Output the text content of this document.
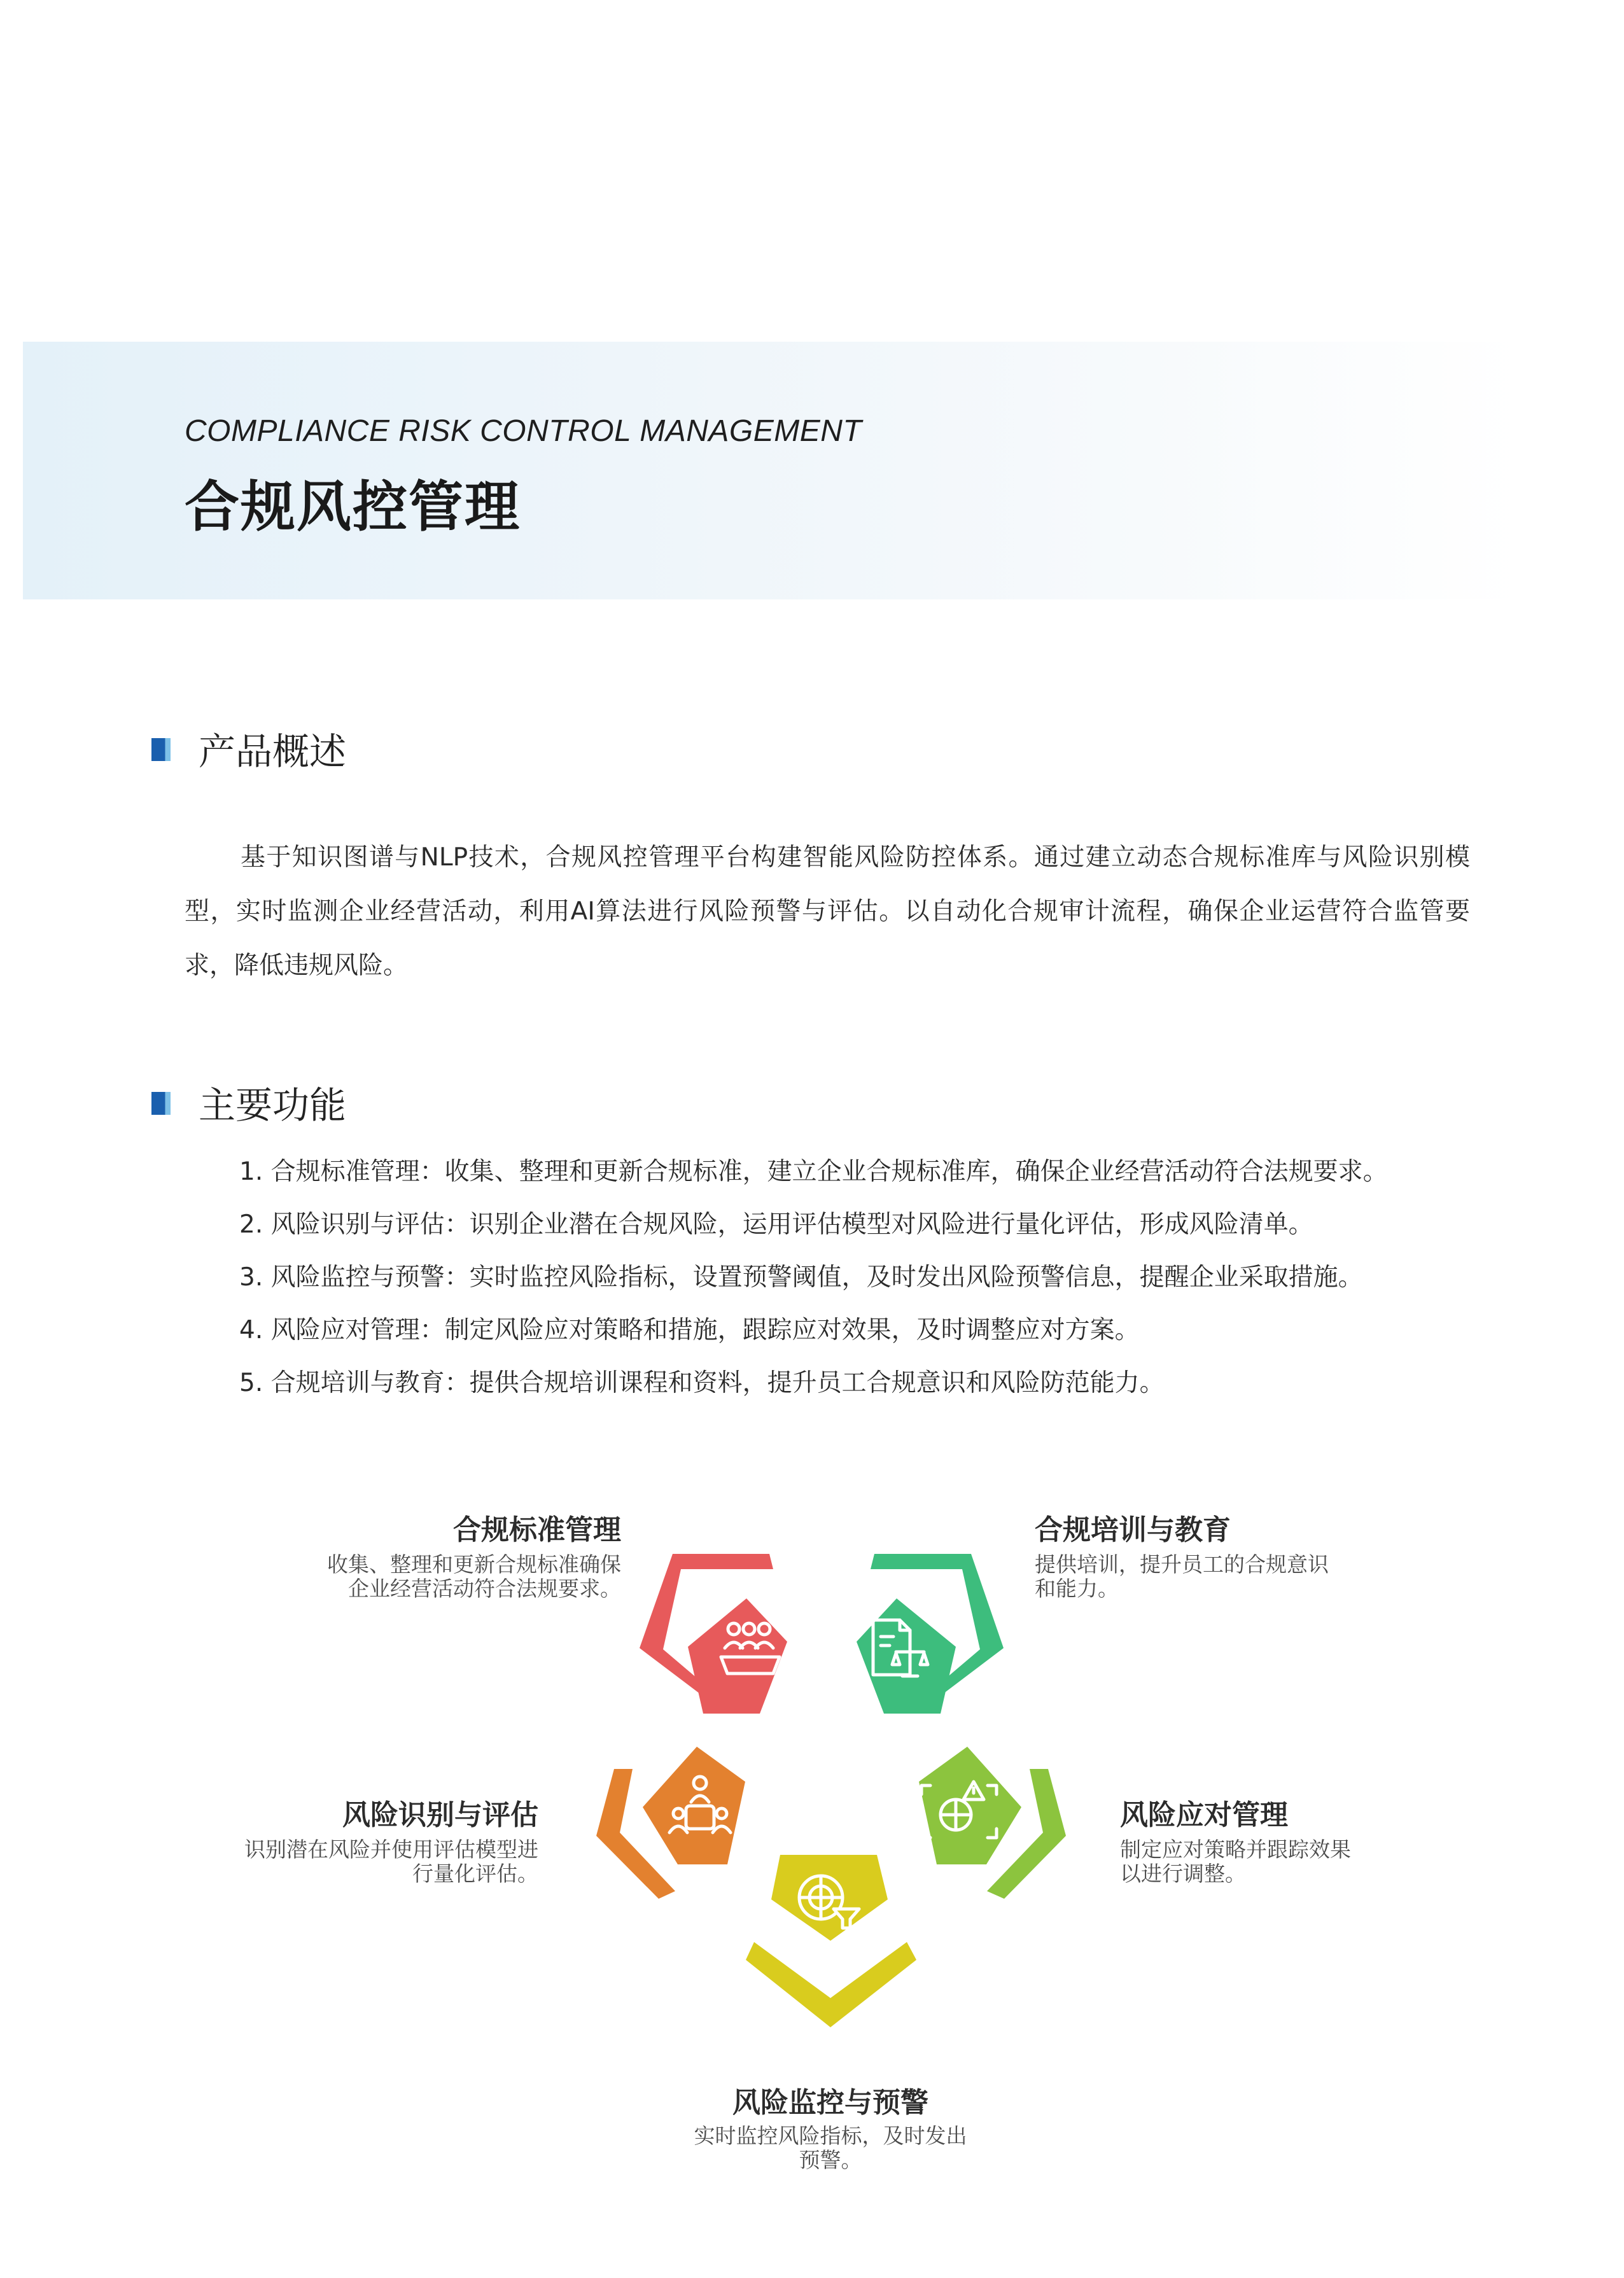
COMPLIANCE RISK CONTROL MANAGEMENT
合规风控管理
产品概述
基于知识图谱与NLP技术，合规风控管理平台构建智能风险防控体系。通过建立动态合规标准库与风险识别模型，实时监测企业经营活动，利用AI算法进行风险预警与评估。以自动化合规审计流程，确保企业运营符合监管要求，降低违规风险。
主要功能
1. 合规标准管理：收集、整理和更新合规标准，建立企业合规标准库，确保企业经营活动符合法规要求。
2. 风险识别与评估：识别企业潜在合规风险，运用评估模型对风险进行量化评估，形成风险清单。
3. 风险监控与预警：实时监控风险指标，设置预警阈值，及时发出风险预警信息，提醒企业采取措施。
4. 风险应对管理：制定风险应对策略和措施，跟踪应对效果，及时调整应对方案。
5. 合规培训与教育：提供合规培训课程和资料，提升员工合规意识和风险防范能力。
合规标准管理
收集、整理和更新合规标准确保
企业经营活动符合法规要求。
合规培训与教育
提供培训，提升员工的合规意识
和能力。
风险识别与评估
识别潜在风险并使用评估模型进
行量化评估。
风险应对管理
制定应对策略并跟踪效果
以进行调整。
风险监控与预警
实时监控风险指标，及时发出
预警。
